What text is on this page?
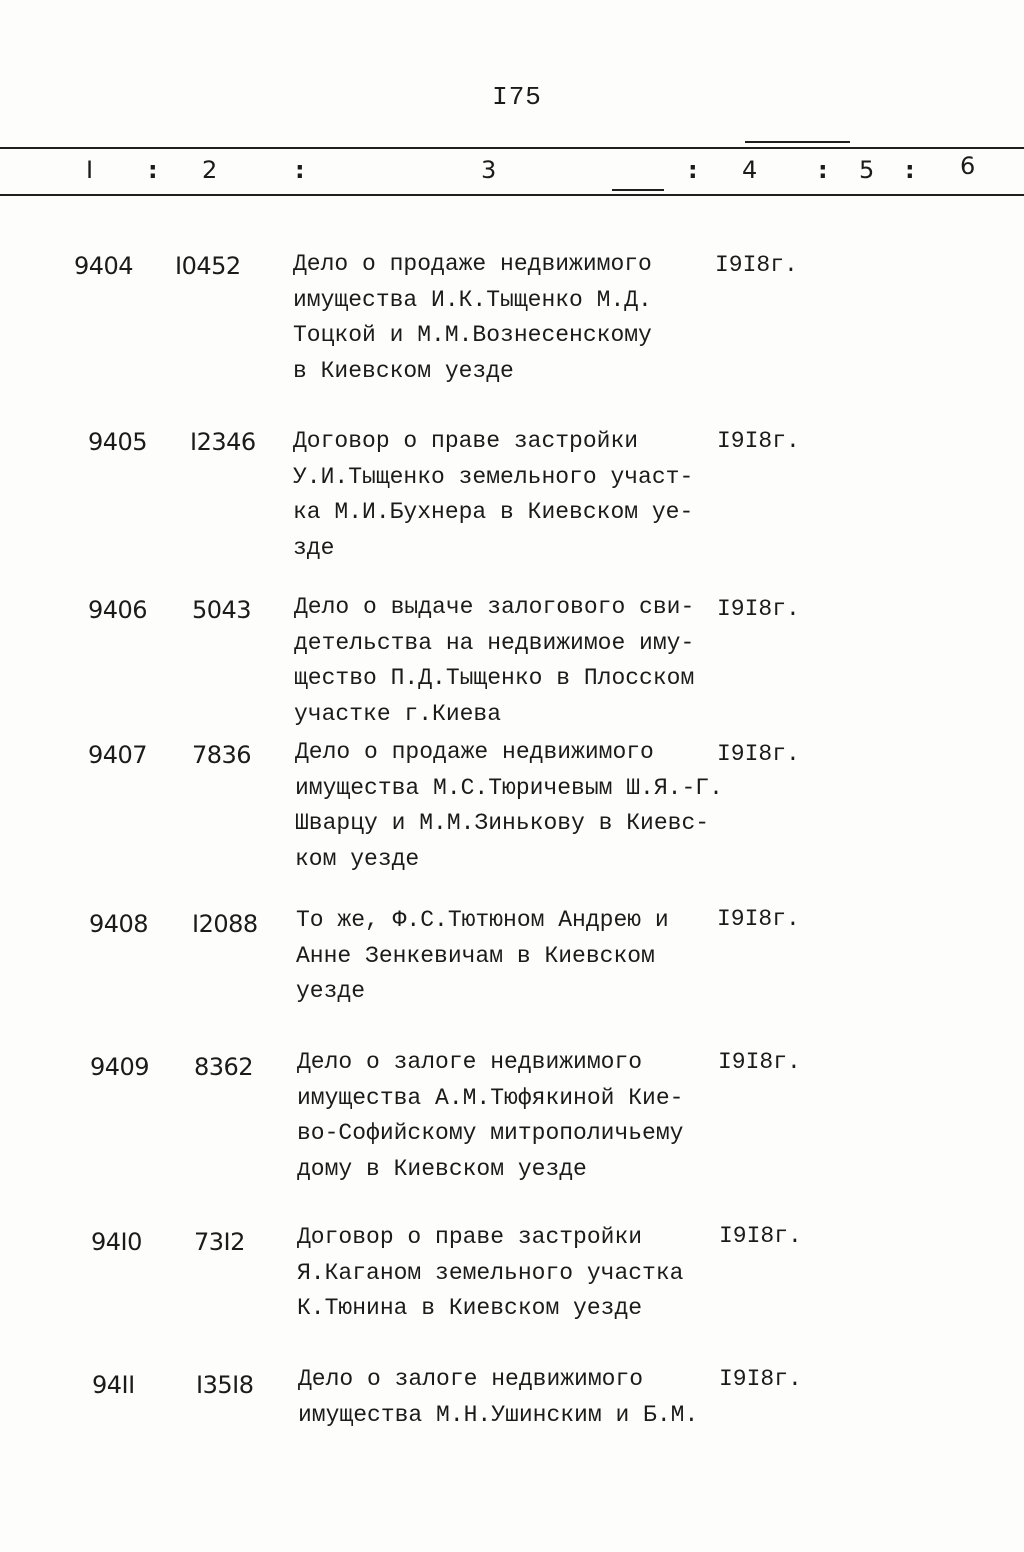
I75
I : 2	:	3	: 4	: 5 : 6
9404 I0452 Дело о продаже недвижимого
имущества И.К.Тыщенко М.Д.
Тоцкой и М.М.Вознесенскому
в Киевском уезде
I9I8г.
9405 I2346 Договор о праве застройки
У.И.Тыщенко земельного участ-
ка М.И.Бухнера в Киевском уе-
зде
I9I8г.
9406 5043 Дело о выдаче залогового сви-
детельства на недвижимое иму-
щество П.Д.Тыщенко в Плосском
участке г.Киева
I9I8г.
9407 7836 Дело о продаже недвижимого
имущества М.С.Тюричевым Ш.Я.-Г.
Шварцу и М.М.Зинькову в Киевс-
ком уезде
I9I8г.
9408 I2088 То же, Ф.С.Тютюном Андрею и
Анне Зенкевичам в Киевском
уезде
I9I8г.
9409 8362 Дело о залоге недвижимого
имущества А.М.Тюфякиной Кие-
во-Софийскому митрополичьему
дому в Киевском уезде
I9I8г.
94I0 73I2 Договор о праве застройки
Я.Каганом земельного участка
К.Тюнина в Киевском уезде
I9I8г.
94II	I35I8 Дело о залоге недвижимого
имущества М.Н.Ушинским и Б.М.
I9I8г.
